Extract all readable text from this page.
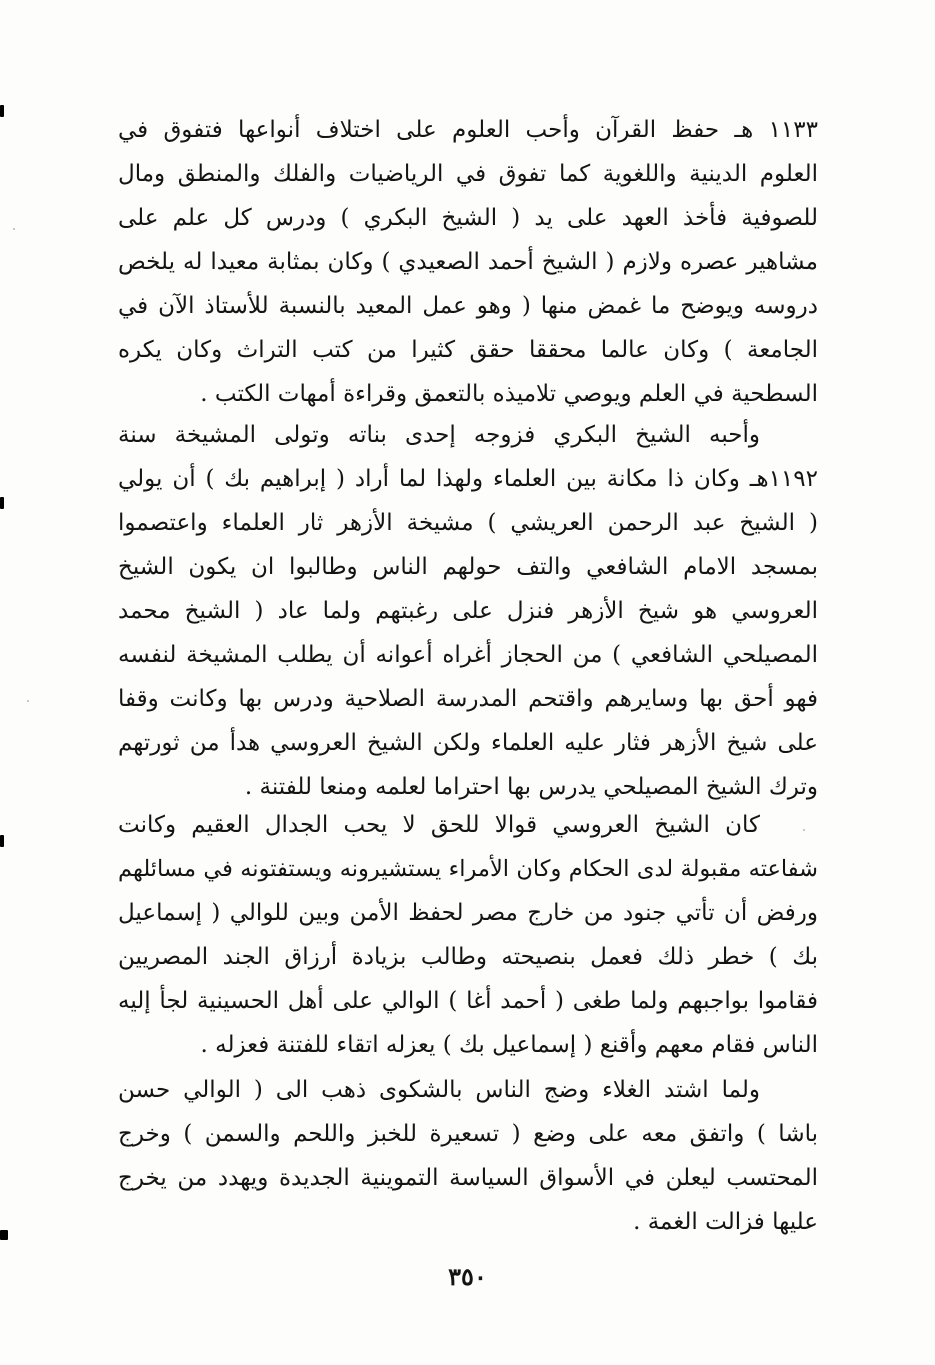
١١٣٣ هـ حفظ القرآن وأحب العلوم على اختلاف أنواعها فتفوق في
العلوم الدينية واللغوية كما تفوق في الرياضيات والفلك والمنطق ومال
للصوفية فأخذ العهد على يد ( الشيخ البكري ) ودرس كل علم على
مشاهير عصره ولازم ( الشيخ أحمد الصعيدي ) وكان بمثابة معيدا له يلخص
دروسه ويوضح ما غمض منها ( وهو عمل المعيد بالنسبة للأستاذ الآن في
الجامعة ) وكان عالما محققا حقق كثيرا من كتب التراث وكان يكره
السطحية في العلم ويوصي تلاميذه بالتعمق وقراءة أمهات الكتب .
وأحبه الشيخ البكري فزوجه إحدى بناته وتولى المشيخة سنة
١١٩٢هـ وكان ذا مكانة بين العلماء ولهذا لما أراد ( إبراهيم بك ) أن يولي
( الشيخ عبد الرحمن العريشي ) مشيخة الأزهر ثار العلماء واعتصموا
بمسجد الامام الشافعي والتف حولهم الناس وطالبوا ان يكون الشيخ
العروسي هو شيخ الأزهر فنزل على رغبتهم ولما عاد ( الشيخ محمد
المصيلحي الشافعي ) من الحجاز أغراه أعوانه أن يطلب المشيخة لنفسه
فهو أحق بها وسايرهم واقتحم المدرسة الصلاحية ودرس بها وكانت وقفا
على شيخ الأزهر فثار عليه العلماء ولكن الشيخ العروسي هدأ من ثورتهم
وترك الشيخ المصيلحي يدرس بها احتراما لعلمه ومنعا للفتنة .
كان الشيخ العروسي قوالا للحق لا يحب الجدال العقيم وكانت
شفاعته مقبولة لدى الحكام وكان الأمراء يستشيرونه ويستفتونه في مسائلهم
ورفض أن تأتي جنود من خارج مصر لحفظ الأمن وبين للوالي ( إسماعيل
بك ) خطر ذلك فعمل بنصيحته وطالب بزيادة أرزاق الجند المصريين
فقاموا بواجبهم ولما طغى ( أحمد أغا ) الوالي على أهل الحسينية لجأ إليه
الناس فقام معهم وأقنع ( إسماعيل بك ) يعزله اتقاء للفتنة فعزله .
ولما اشتد الغلاء وضج الناس بالشكوى ذهب الى ( الوالي حسن
باشا ) واتفق معه على وضع ( تسعيرة للخبز واللحم والسمن ) وخرج
المحتسب ليعلن في الأسواق السياسة التموينية الجديدة ويهدد من يخرج
عليها فزالت الغمة .
٣٥٠
